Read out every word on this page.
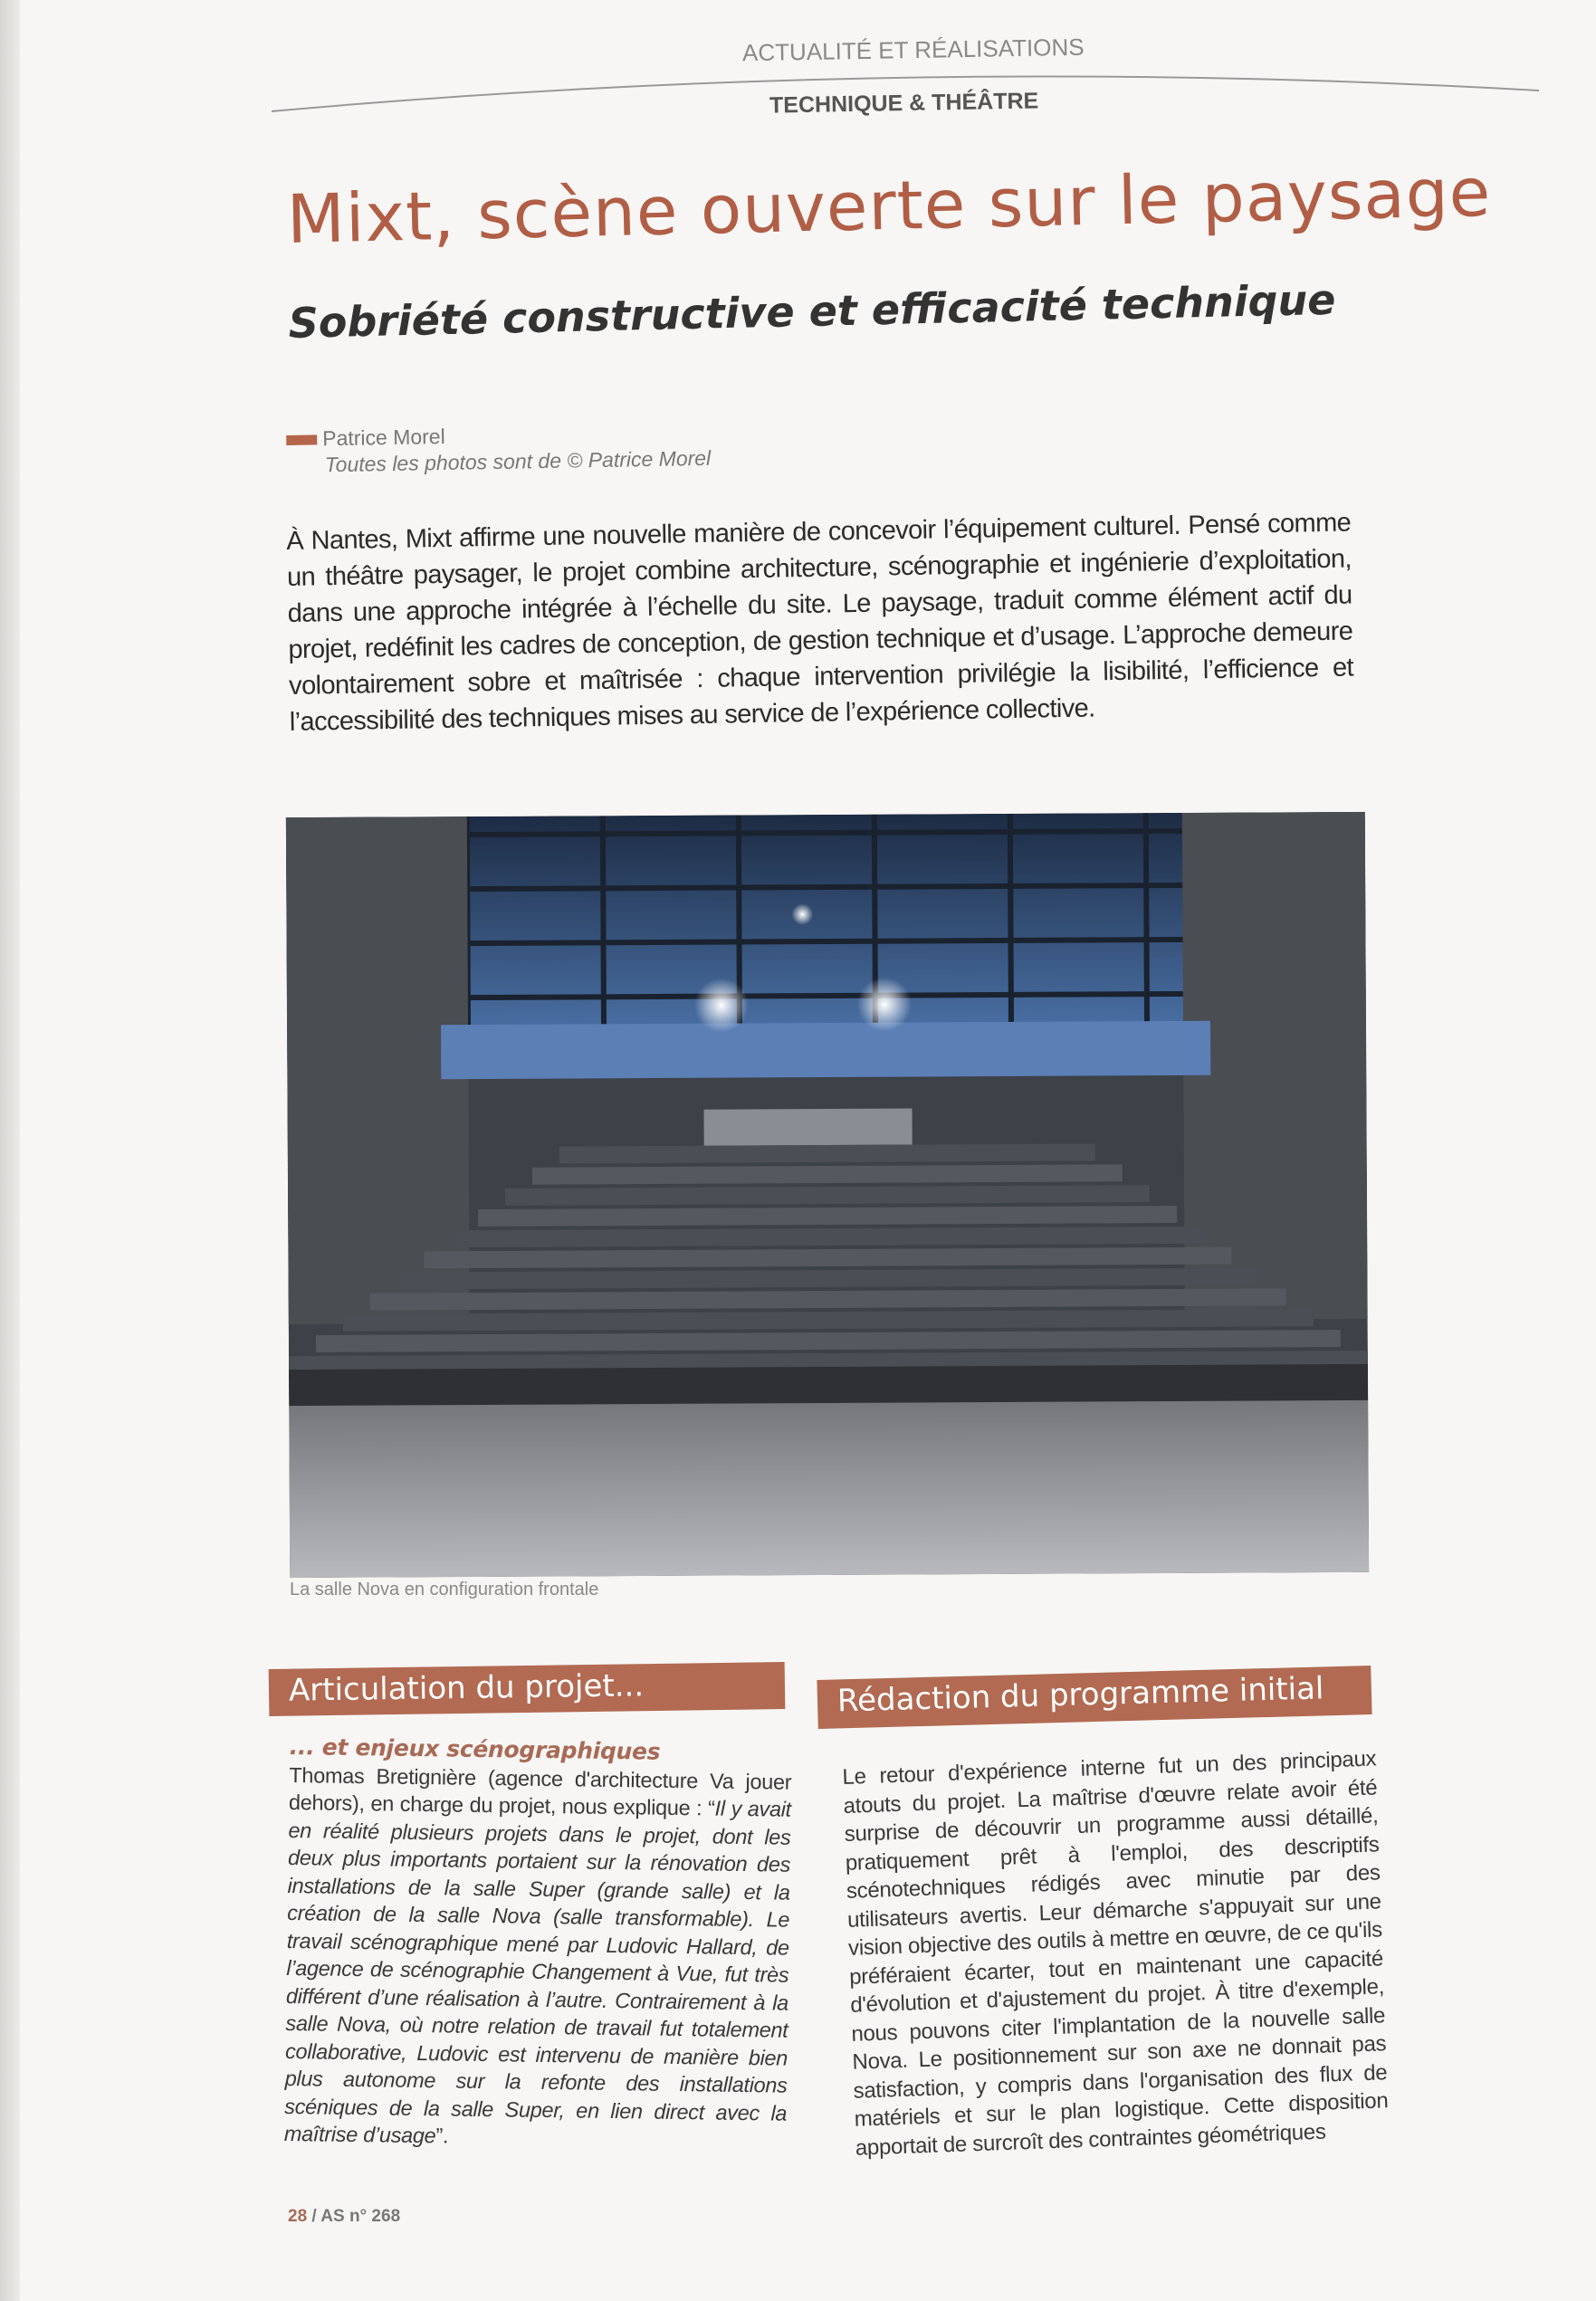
ACTUALITÉ ET RÉALISATIONS
TECHNIQUE & THÉÂTRE
Mixt, scène ouverte sur le paysage
Sobriété constructive et efficacité technique
Patrice Morel
Toutes les photos sont de © Patrice Morel

À Nantes, Mixt affirme une nouvelle manière de concevoir l’équipement culturel. Pensé comme un théâtre paysager, le projet combine architecture, scénographie et ingénierie d’exploitation, dans une approche intégrée à l’échelle du site. Le paysage, traduit comme élément actif du projet, redéfinit les cadres de conception, de gestion technique et d’usage. L’approche demeure volontairement sobre et maîtrisée : chaque intervention privilégie la lisibilité, l’efficience et l’accessibilité des techniques mises au service de l’expérience collective.

La salle Nova en configuration frontale
Articulation du projet...	Rédaction du programme initial
... et enjeux scénographiques
Thomas Bretignière (agence d'architecture Va jouer dehors), en charge du projet, nous explique : “Il y avait en réalité plusieurs projets dans le projet, dont les deux plus importants portaient sur la rénovation des installations de la salle Super (grande salle) et la création de la salle Nova (salle transformable). Le travail scénographique mené par Ludovic Hallard, de l’agence de scénographie Changement à Vue, fut très différent d’une réalisation à l’autre. Contrairement à la salle Nova, où notre relation de travail fut totalement collaborative, Ludovic est intervenu de manière bien plus autonome sur la refonte des installations scéniques de la salle Super, en lien direct avec la maîtrise d’usage”.
Le retour d'expérience interne fut un des principaux atouts du projet. La maîtrise d'œuvre relate avoir été surprise de découvrir un programme aussi détaillé, pratiquement prêt à l'emploi, des descriptifs scénotechniques rédigés avec minutie par des utilisateurs avertis. Leur démarche s'appuyait sur une vision objective des outils à mettre en œuvre, de ce qu'ils préféraient écarter, tout en maintenant une capacité d'évolution et d'ajustement du projet. À titre d'exemple, nous pouvons citer l'implantation de la nouvelle salle Nova. Le positionnement sur son axe ne donnait pas satisfaction, y compris dans l'organisation des flux de matériels et sur le plan logistique. Cette disposition apportait de surcroît des contraintes géométriques
28 / AS n° 268
